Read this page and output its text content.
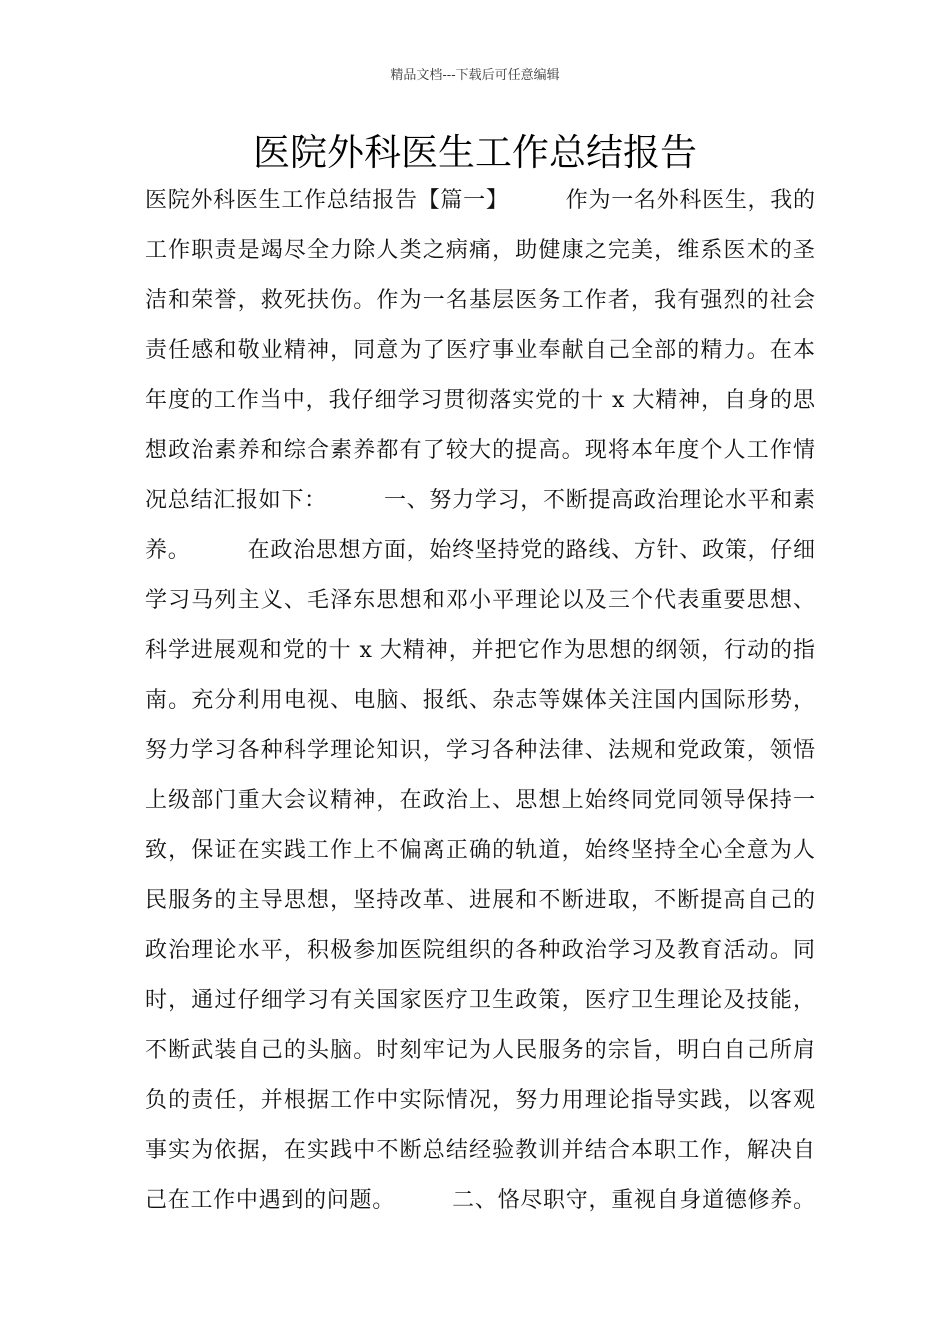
精品文档---下载后可任意编辑
医院外科医生工作总结报告
医院外科医生工作总结报告【篇一】　　　作为一名外科医生，我的
工作职责是竭尽全力除人类之病痛，助健康之完美，维系医术的圣
洁和荣誉，救死扶伤。作为一名基层医务工作者，我有强烈的社会
责任感和敬业精神，同意为了医疗事业奉献自己全部的精力。在本
年度的工作当中，我仔细学习贯彻落实党的十 x 大精神，自身的思
想政治素养和综合素养都有了较大的提高。现将本年度个人工作情
况总结汇报如下：　　　一、努力学习，不断提高政治理论水平和素
养。　　　在政治思想方面，始终坚持党的路线、方针、政策，仔细
学习马列主义、毛泽东思想和邓小平理论以及三个代表重要思想、
科学进展观和党的十 x 大精神，并把它作为思想的纲领，行动的指
南。充分利用电视、电脑、报纸、杂志等媒体关注国内国际形势，
努力学习各种科学理论知识，学习各种法律、法规和党政策，领悟
上级部门重大会议精神，在政治上、思想上始终同党同领导保持一
致，保证在实践工作上不偏离正确的轨道，始终坚持全心全意为人
民服务的主导思想，坚持改革、进展和不断进取，不断提高自己的
政治理论水平，积极参加医院组织的各种政治学习及教育活动。同
时，通过仔细学习有关国家医疗卫生政策，医疗卫生理论及技能，
不断武装自己的头脑。时刻牢记为人民服务的宗旨，明白自己所肩
负的责任，并根据工作中实际情况，努力用理论指导实践，以客观
事实为依据，在实践中不断总结经验教训并结合本职工作，解决自
己在工作中遇到的问题。　　　二、恪尽职守，重视自身道德修养。
